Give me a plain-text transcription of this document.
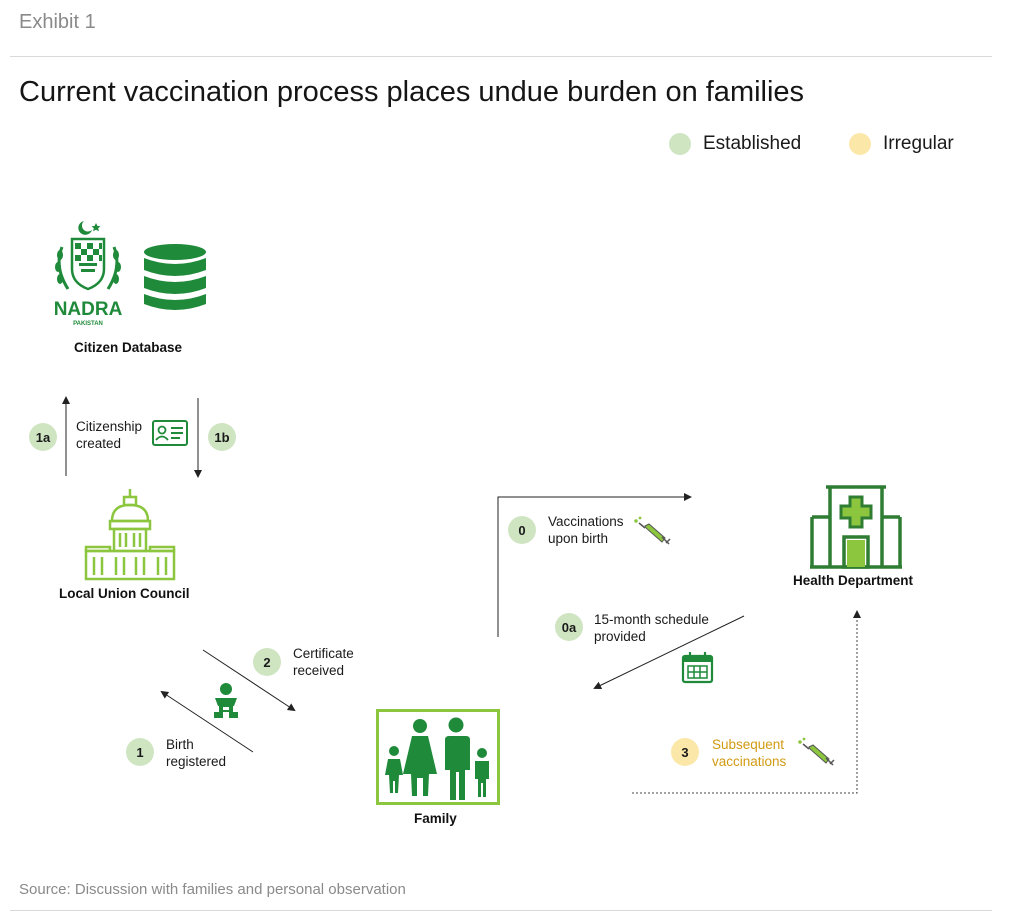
Exhibit 1
Current vaccination process places undue burden on families
Established	Irregular
NADRA
PAKISTAN
Citizen Database
1a
Citizenship
created	1b
Local Union Council
2
Certificate
received
1	Birth
registered
Family
0
Vaccinations
upon birth
Health Department
0a	15-month schedule
provided
3	Subsequent
vaccinations
Source: Discussion with families and personal observation
